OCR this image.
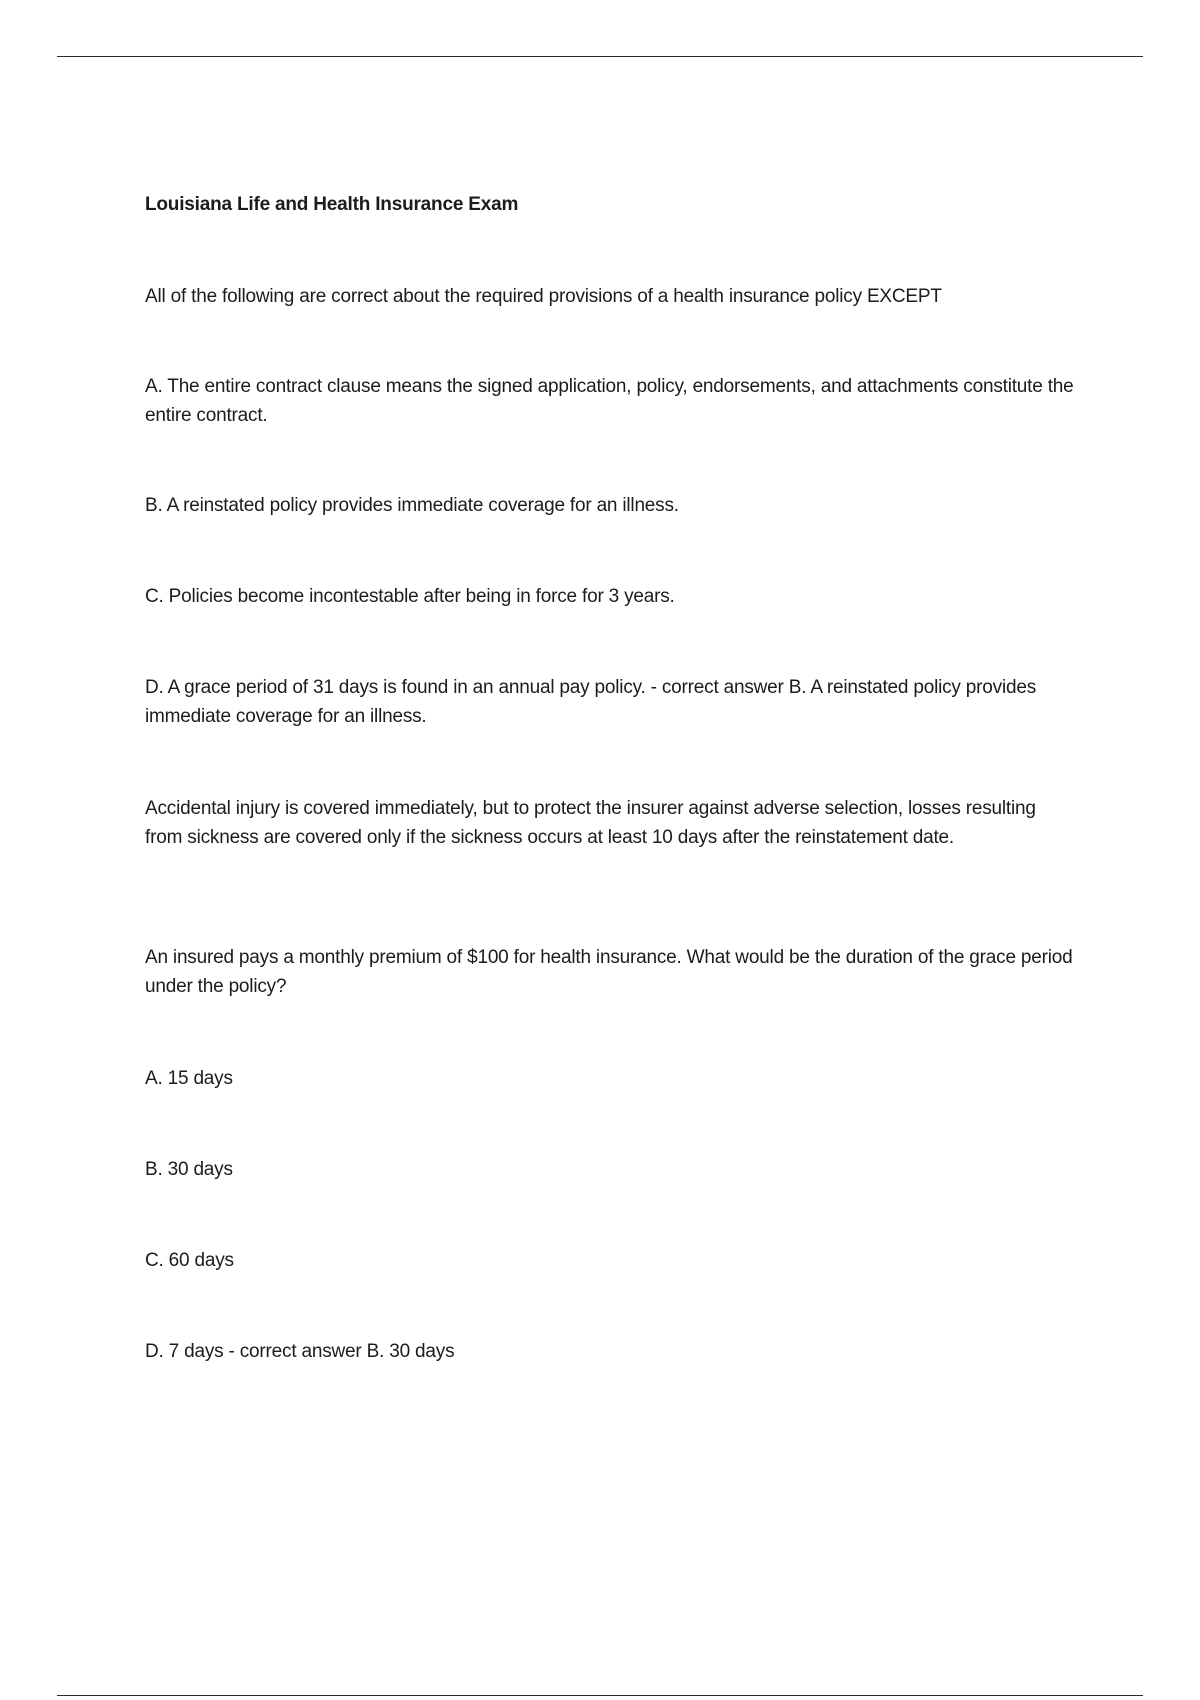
Louisiana Life and Health Insurance Exam

All of the following are correct about the required provisions of a health insurance policy EXCEPT

A. The entire contract clause means the signed application, policy, endorsements, and attachments constitute the entire contract.

B. A reinstated policy provides immediate coverage for an illness.

C. Policies become incontestable after being in force for 3 years.

D. A grace period of 31 days is found in an annual pay policy. - correct answer B. A reinstated policy provides immediate coverage for an illness.

Accidental injury is covered immediately, but to protect the insurer against adverse selection, losses resulting from sickness are covered only if the sickness occurs at least 10 days after the reinstatement date.

An insured pays a monthly premium of $100 for health insurance. What would be the duration of the grace period under the policy?

A. 15 days

B. 30 days

C. 60 days

D. 7 days - correct answer B. 30 days
